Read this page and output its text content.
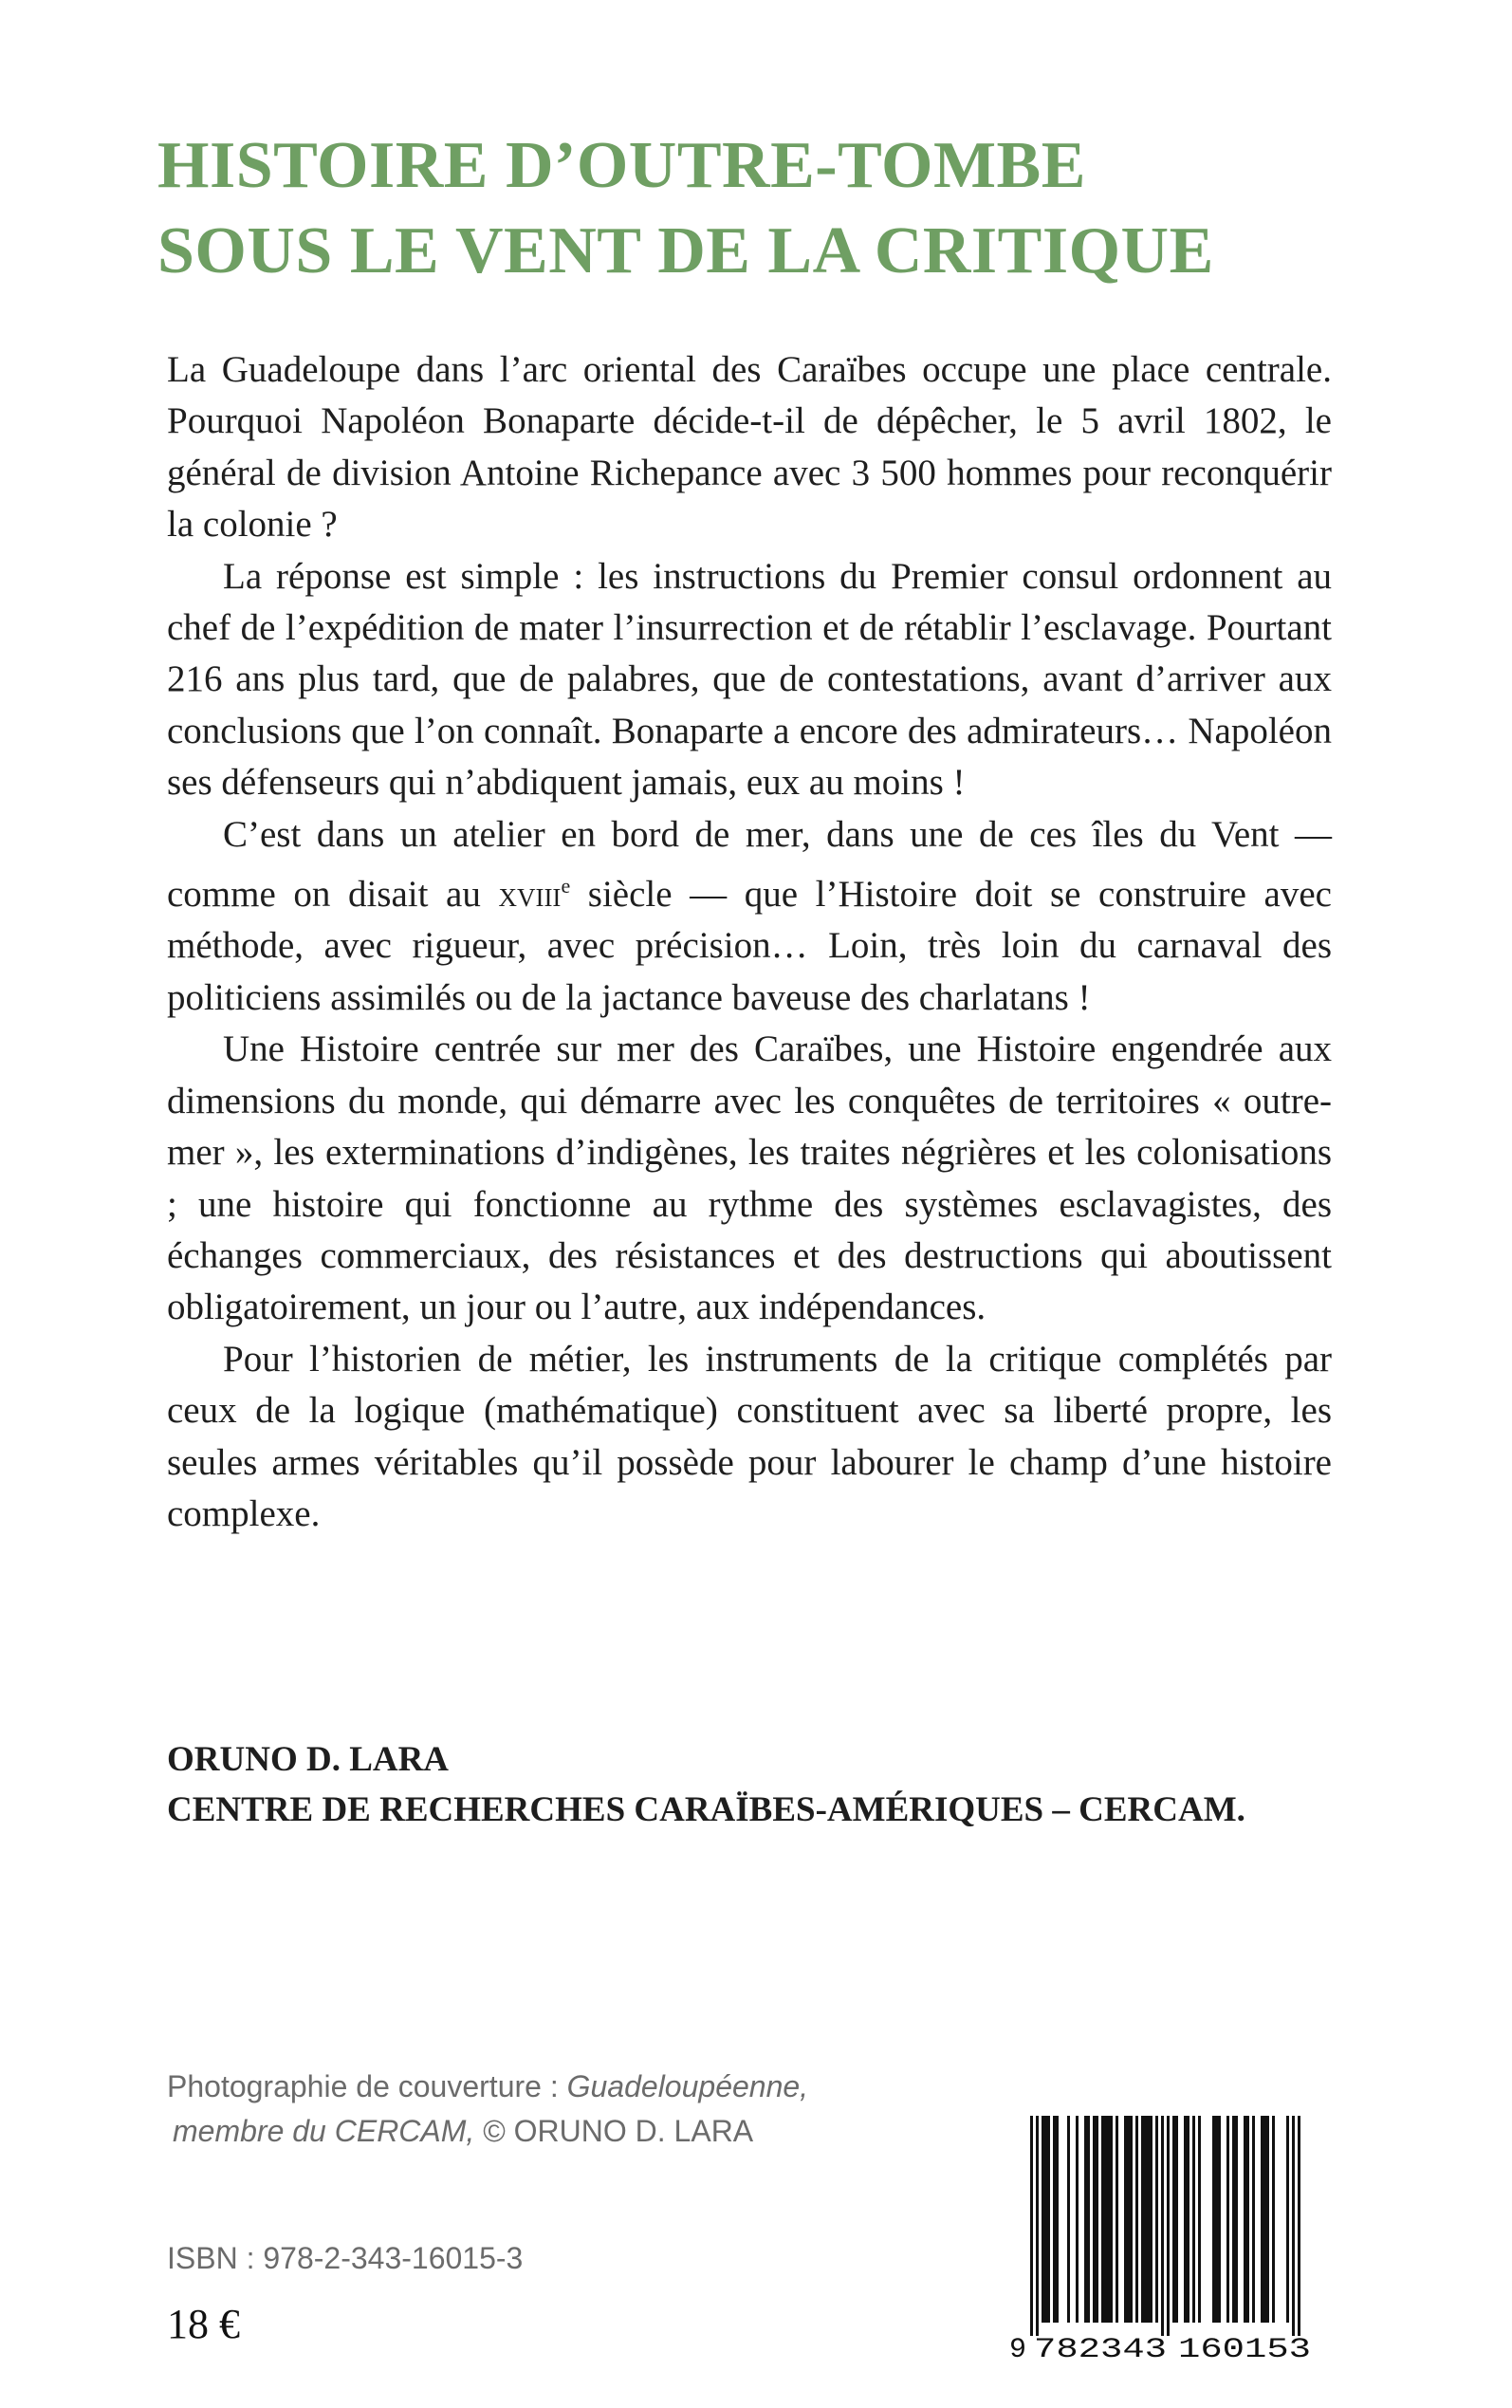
HISTOIRE D’OUTRE-TOMBE
SOUS LE VENT DE LA CRITIQUE

La Guadeloupe dans l’arc oriental des Caraïbes occupe une place centrale. Pourquoi Napoléon Bonaparte décide-t-il de dépêcher, le 5 avril 1802, le général de division Antoine Richepance avec 3 500 hommes pour reconquérir la colonie ?

La réponse est simple : les instructions du Premier consul ordonnent au chef de l’expédition de mater l’insurrection et de rétablir l’esclavage. Pourtant 216 ans plus tard, que de palabres, que de contestations, avant d’arriver aux conclusions que l’on connaît. Bonaparte a encore des admirateurs… Napoléon ses défenseurs qui n’abdiquent jamais, eux au moins !

C’est dans un atelier en bord de mer, dans une de ces îles du Vent — comme on disait au xviii$^e$ siècle — que l’Histoire doit se construire avec méthode, avec rigueur, avec précision… Loin, très loin du carnaval des politiciens assimilés ou de la jactance baveuse des charlatans !

Une Histoire centrée sur mer des Caraïbes, une Histoire engendrée aux dimensions du monde, qui démarre avec les conquêtes de territoires « outre-mer », les exterminations d’indigènes, les traites négrières et les colonisations ; une histoire qui fonctionne au rythme des systèmes esclavagistes, des échanges commerciaux, des résistances et des destructions qui aboutissent obligatoirement, un jour ou l’autre, aux indépendances.

Pour l’historien de métier, les instruments de la critique complétés par ceux de la logique (mathématique) constituent avec sa liberté propre, les seules armes véritables qu’il possède pour labourer le champ d’une histoire complexe.

ORUNO D. LARA
CENTRE DE RECHERCHES CARAÏBES-AMÉRIQUES – CERCAM.
Photographie de couverture : Guadeloupéenne,
membre du CERCAM, © ORUNO D. LARA
ISBN : 978-2-343-16015-3
18 €
9 782343 160153
